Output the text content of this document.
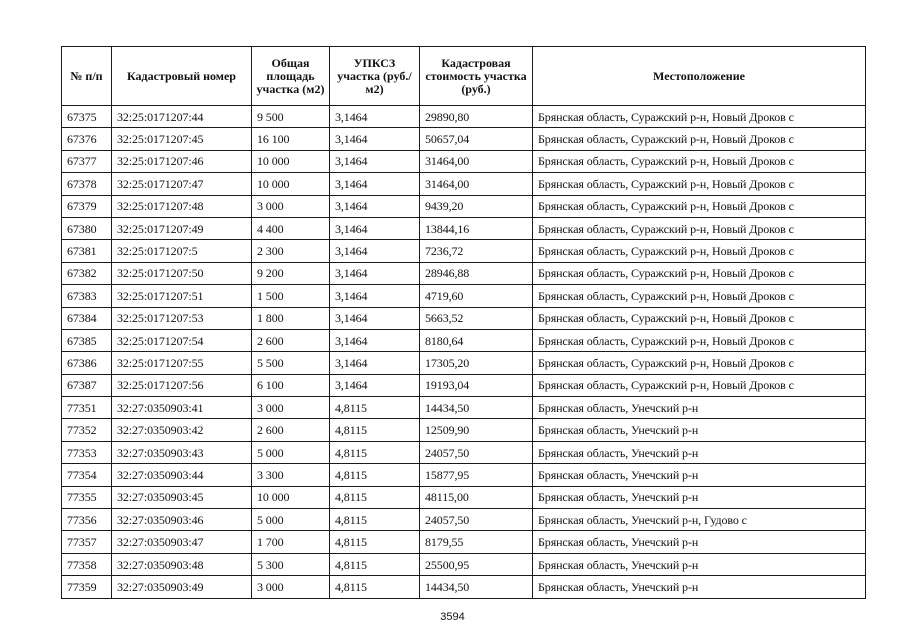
№ п/п	Кадастровый номер	Общая площадь участка (м2)	УПКСЗ участка (руб./м2)	Кадастровая стоимость участка (руб.)	Местоположение
67375	32:25:0171207:44	9 500	3,1464	29890,80	Брянская область, Суражский р-н, Новый Дроков с
67376	32:25:0171207:45	16 100	3,1464	50657,04	Брянская область, Суражский р-н, Новый Дроков с
67377	32:25:0171207:46	10 000	3,1464	31464,00	Брянская область, Суражский р-н, Новый Дроков с
67378	32:25:0171207:47	10 000	3,1464	31464,00	Брянская область, Суражский р-н, Новый Дроков с
67379	32:25:0171207:48	3 000	3,1464	9439,20	Брянская область, Суражский р-н, Новый Дроков с
67380	32:25:0171207:49	4 400	3,1464	13844,16	Брянская область, Суражский р-н, Новый Дроков с
67381	32:25:0171207:5	2 300	3,1464	7236,72	Брянская область, Суражский р-н, Новый Дроков с
67382	32:25:0171207:50	9 200	3,1464	28946,88	Брянская область, Суражский р-н, Новый Дроков с
67383	32:25:0171207:51	1 500	3,1464	4719,60	Брянская область, Суражский р-н, Новый Дроков с
67384	32:25:0171207:53	1 800	3,1464	5663,52	Брянская область, Суражский р-н, Новый Дроков с
67385	32:25:0171207:54	2 600	3,1464	8180,64	Брянская область, Суражский р-н, Новый Дроков с
67386	32:25:0171207:55	5 500	3,1464	17305,20	Брянская область, Суражский р-н, Новый Дроков с
67387	32:25:0171207:56	6 100	3,1464	19193,04	Брянская область, Суражский р-н, Новый Дроков с
77351	32:27:0350903:41	3 000	4,8115	14434,50	Брянская область, Унечский р-н
77352	32:27:0350903:42	2 600	4,8115	12509,90	Брянская область, Унечский р-н
77353	32:27:0350903:43	5 000	4,8115	24057,50	Брянская область, Унечский р-н
77354	32:27:0350903:44	3 300	4,8115	15877,95	Брянская область, Унечский р-н
77355	32:27:0350903:45	10 000	4,8115	48115,00	Брянская область, Унечский р-н
77356	32:27:0350903:46	5 000	4,8115	24057,50	Брянская область, Унечский р-н, Гудово с
77357	32:27:0350903:47	1 700	4,8115	8179,55	Брянская область, Унечский р-н
77358	32:27:0350903:48	5 300	4,8115	25500,95	Брянская область, Унечский р-н
77359	32:27:0350903:49	3 000	4,8115	14434,50	Брянская область, Унечский р-н
3594
